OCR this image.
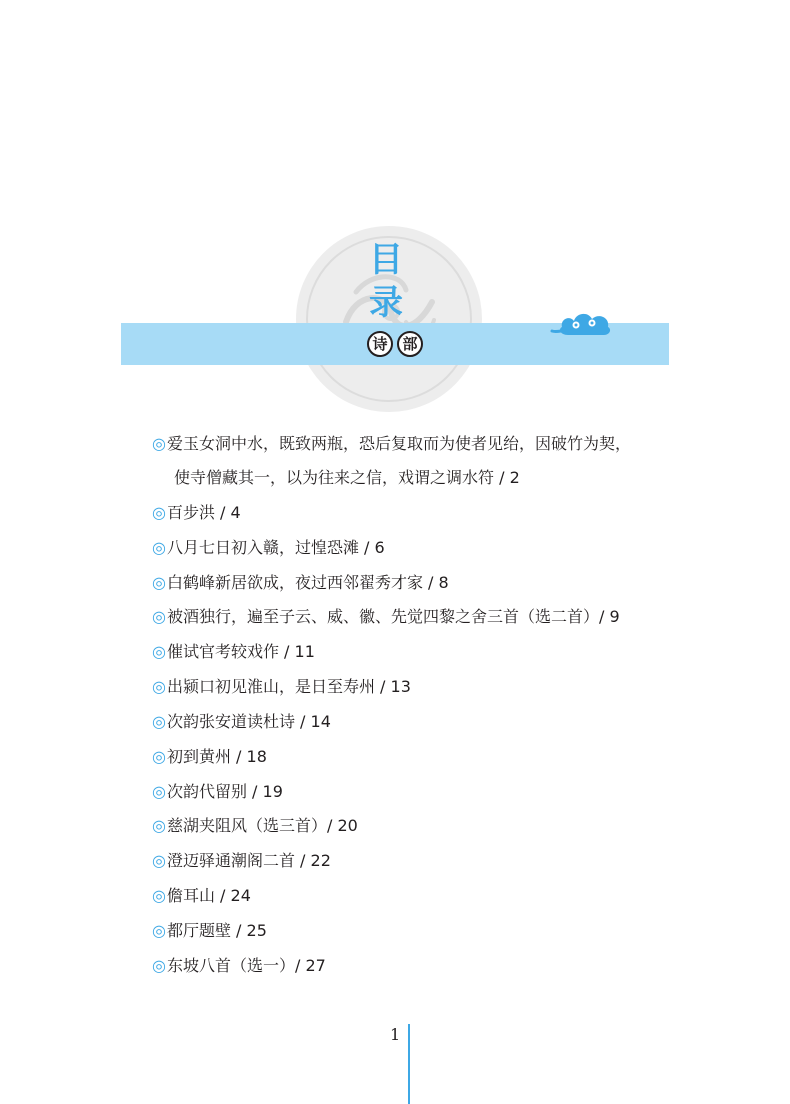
目
录
诗 部
◎爱玉女洞中水，既致两瓶，恐后复取而为使者见绐，因破竹为契，
使寺僧藏其一，以为往来之信，戏谓之调水符 / 2
◎百步洪 / 4
◎八月七日初入赣，过惶恐滩 / 6
◎白鹤峰新居欲成，夜过西邻翟秀才家 / 8
◎被酒独行，遍至子云、威、徽、先觉四黎之舍三首（选二首）/ 9
◎催试官考较戏作 / 11
◎出颍口初见淮山，是日至寿州 / 13
◎次韵张安道读杜诗 / 14
◎初到黄州 / 18
◎次韵代留别 / 19
◎慈湖夹阻风（选三首）/ 20
◎澄迈驿通潮阁二首 / 22
◎儋耳山 / 24
◎都厅题壁 / 25
◎东坡八首（选一）/ 27
1
